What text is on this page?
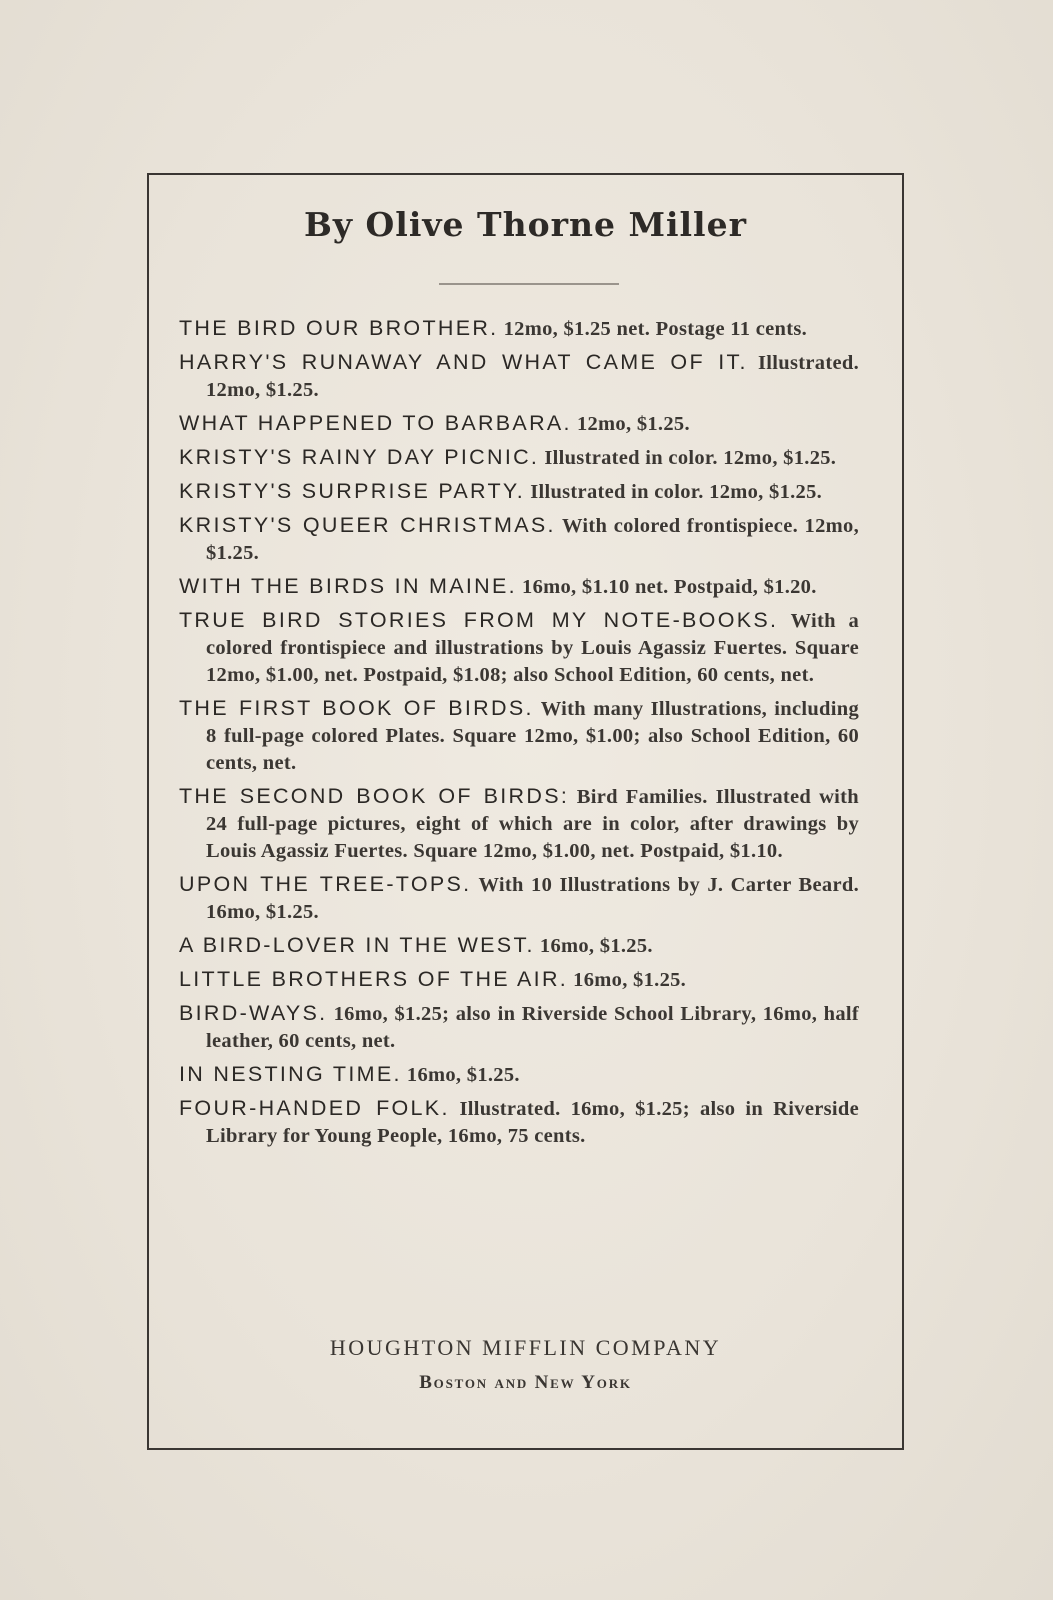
By Olive Thorne Miller
THE BIRD OUR BROTHER. 12mo, $1.25 net. Postage 11 cents.
HARRY'S RUNAWAY AND WHAT CAME OF IT. Illustrated. 12mo, $1.25.
WHAT HAPPENED TO BARBARA. 12mo, $1.25.
KRISTY'S RAINY DAY PICNIC. Illustrated in color. 12mo, $1.25.
KRISTY'S SURPRISE PARTY. Illustrated in color. 12mo, $1.25.
KRISTY'S QUEER CHRISTMAS. With colored frontispiece. 12mo, $1.25.
WITH THE BIRDS IN MAINE. 16mo, $1.10 net. Postpaid, $1.20.
TRUE BIRD STORIES FROM MY NOTE-BOOKS. With a colored frontispiece and illustrations by Louis Agassiz Fuertes. Square 12mo, $1.00, net. Postpaid, $1.08; also School Edition, 60 cents, net.
THE FIRST BOOK OF BIRDS. With many Illustrations, including 8 full-page colored Plates. Square 12mo, $1.00; also School Edition, 60 cents, net.
THE SECOND BOOK OF BIRDS: Bird Families. Illustrated with 24 full-page pictures, eight of which are in color, after drawings by Louis Agassiz Fuertes. Square 12mo, $1.00, net. Postpaid, $1.10.
UPON THE TREE-TOPS. With 10 Illustrations by J. Carter Beard. 16mo, $1.25.
A BIRD-LOVER IN THE WEST. 16mo, $1.25.
LITTLE BROTHERS OF THE AIR. 16mo, $1.25.
BIRD-WAYS. 16mo, $1.25; also in Riverside School Library, 16mo, half leather, 60 cents, net.
IN NESTING TIME. 16mo, $1.25.
FOUR-HANDED FOLK. Illustrated. 16mo, $1.25; also in Riverside Library for Young People, 16mo, 75 cents.
HOUGHTON MIFFLIN COMPANY
Boston and New York
